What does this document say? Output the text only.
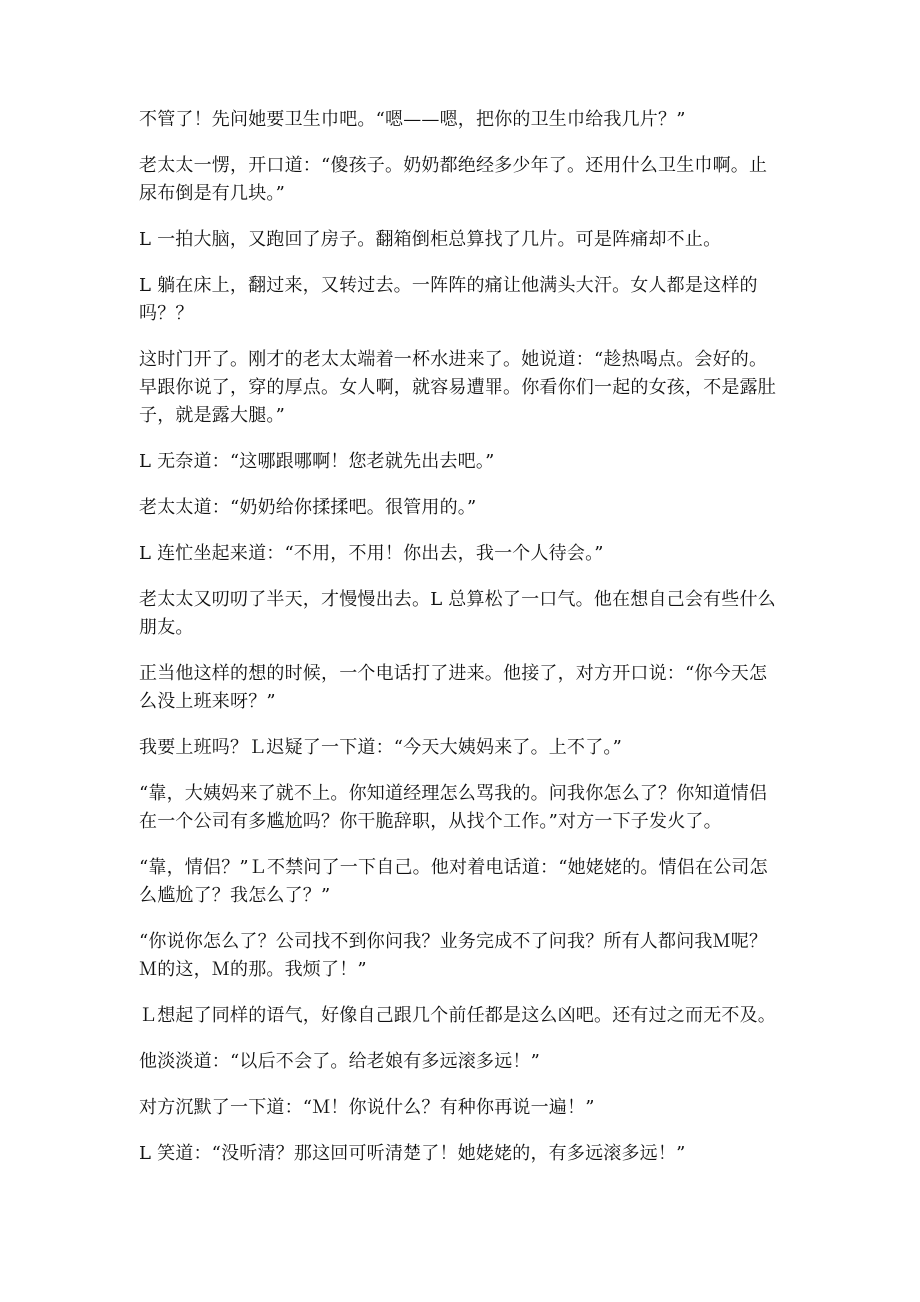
不管了！先问她要卫生巾吧。“嗯——嗯，把你的卫生巾给我几片？”

老太太一愣，开口道：“傻孩子。奶奶都绝经多少年了。还用什么卫生巾啊。止
尿布倒是有几块。”

L 一拍大脑，又跑回了房子。翻箱倒柜总算找了几片。可是阵痛却不止。

L 躺在床上，翻过来，又转过去。一阵阵的痛让他满头大汗。女人都是这样的
吗？？

这时门开了。刚才的老太太端着一杯水进来了。她说道：“趁热喝点。会好的。
早跟你说了，穿的厚点。女人啊，就容易遭罪。你看你们一起的女孩，不是露肚
子，就是露大腿。”

L 无奈道：“这哪跟哪啊！您老就先出去吧。”

老太太道：“奶奶给你揉揉吧。很管用的。”

L 连忙坐起来道：“不用，不用！你出去，我一个人待会。”

老太太又叨叨了半天，才慢慢出去。L 总算松了一口气。他在想自己会有些什么
朋友。

正当他这样的想的时候，一个电话打了进来。他接了，对方开口说：“你今天怎
么没上班来呀？”

我要上班吗？Ｌ迟疑了一下道：“今天大姨妈来了。上不了。”

“靠，大姨妈来了就不上。你知道经理怎么骂我的。问我你怎么了？你知道情侣
在一个公司有多尴尬吗？你干脆辞职，从找个工作。”对方一下子发火了。

“靠，情侣？”Ｌ不禁问了一下自己。他对着电话道：“她姥姥的。情侣在公司怎
么尴尬了？我怎么了？”

“你说你怎么了？公司找不到你问我？业务完成不了问我？所有人都问我Ｍ呢？
Ｍ的这，Ｍ的那。我烦了！”

Ｌ想起了同样的语气，好像自己跟几个前任都是这么凶吧。还有过之而无不及。

他淡淡道：“以后不会了。给老娘有多远滚多远！”

对方沉默了一下道：“Ｍ！你说什么？有种你再说一遍！”

L 笑道：“没听清？那这回可听清楚了！她姥姥的，有多远滚多远！”
